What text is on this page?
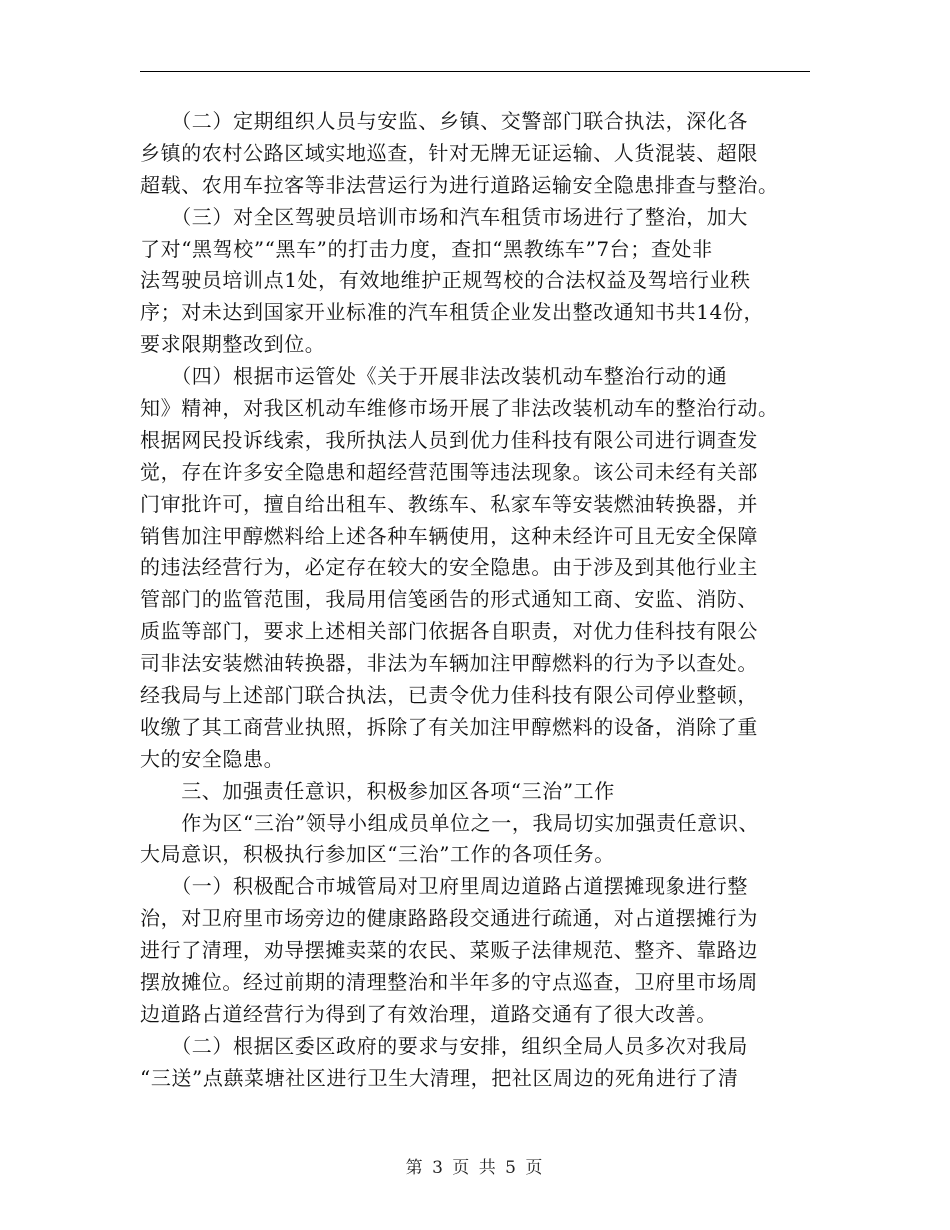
　　（二）定期组织人员与安监、乡镇、交警部门联合执法，深化各
乡镇的农村公路区域实地巡查，针对无牌无证运输、人货混装、超限
超载、农用车拉客等非法营运行为进行道路运输安全隐患排查与整治。
　　（三）对全区驾驶员培训市场和汽车租赁市场进行了整治，加大
了对“黑驾校”“黑车”的打击力度，查扣“黑教练车”7台；查处非
法驾驶员培训点1处，有效地维护正规驾校的合法权益及驾培行业秩
序；对未达到国家开业标准的汽车租赁企业发出整改通知书共14份，
要求限期整改到位。
　　（四）根据市运管处《关于开展非法改装机动车整治行动的通
知》精神，对我区机动车维修市场开展了非法改装机动车的整治行动。
根据网民投诉线索，我所执法人员到优力佳科技有限公司进行调查发
觉，存在许多安全隐患和超经营范围等违法现象。该公司未经有关部
门审批许可，擅自给出租车、教练车、私家车等安装燃油转换器，并
销售加注甲醇燃料给上述各种车辆使用，这种未经许可且无安全保障
的违法经营行为，必定存在较大的安全隐患。由于涉及到其他行业主
管部门的监管范围，我局用信笺函告的形式通知工商、安监、消防、
质监等部门，要求上述相关部门依据各自职责，对优力佳科技有限公
司非法安装燃油转换器，非法为车辆加注甲醇燃料的行为予以查处。
经我局与上述部门联合执法，已责令优力佳科技有限公司停业整顿，
收缴了其工商营业执照，拆除了有关加注甲醇燃料的设备，消除了重
大的安全隐患。
　　三、加强责任意识，积极参加区各项“三治”工作
　　作为区“三治”领导小组成员单位之一，我局切实加强责任意识、
大局意识，积极执行参加区“三治”工作的各项任务。
　　（一）积极配合市城管局对卫府里周边道路占道摆摊现象进行整
治，对卫府里市场旁边的健康路路段交通进行疏通，对占道摆摊行为
进行了清理，劝导摆摊卖菜的农民、菜贩子法律规范、整齐、靠路边
摆放摊位。经过前期的清理整治和半年多的守点巡查，卫府里市场周
边道路占道经营行为得到了有效治理，道路交通有了很大改善。
　　（二）根据区委区政府的要求与安排，组织全局人员多次对我局
“三送”点蕻菜塘社区进行卫生大清理，把社区周边的死角进行了清
第 3 页 共 5 页
